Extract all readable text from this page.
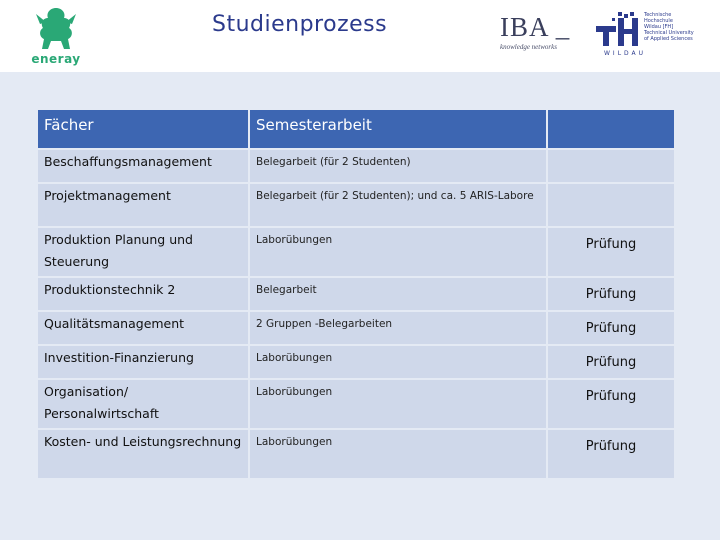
eneray
Studienprozess	IBA _
knowledge networks
Technische
Hochschule
Wildau [FH]
Technical University
of Applied Sciences
WILDAU
Fächer	Semesterarbeit	
Beschaffungsmanagement	Belegarbeit (für 2 Studenten)	
Projektmanagement	Belegarbeit (für 2 Studenten); und ca. 5 ARIS-Labore	
Produktion Planung und Steuerung	Laborübungen	Prüfung
Produktionstechnik 2	Belegarbeit	Prüfung
Qualitätsmanagement	2 Gruppen -Belegarbeiten	Prüfung
Investition-Finanzierung	Laborübungen	Prüfung
Organisation/ Personalwirtschaft	Laborübungen	Prüfung
Kosten- und Leistungsrechnung	Laborübungen	Prüfung
